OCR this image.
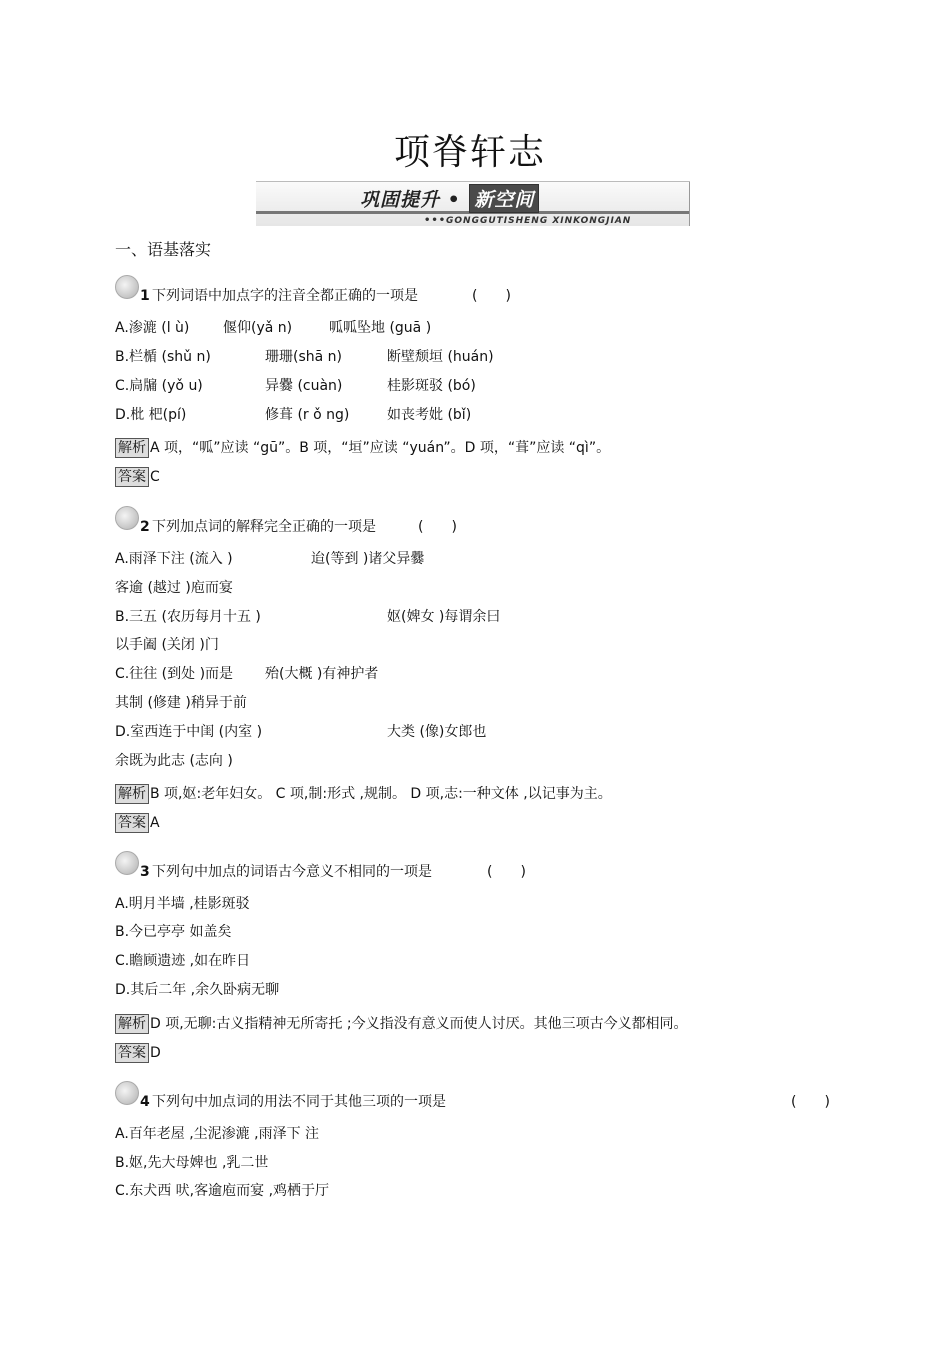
项脊轩志
巩固提升 • 新空间
••• GONGGUTISHENG XINKONGJIAN
一、语基落实
1 下列词语中加点字的注音全都正确的一项是	(　　)
A.渗漉 (l ù) 偃仰(yǎ n)	呱呱坠地 (guā )
B.栏楯 (shǔ n)	珊珊(shā n)	断壁颓垣 (huán)
C.扃牖 (yǒ u)	异爨 (cuàn)	桂影斑驳 (bó)
D.枇 杷(pí)	修葺 (r ǒ ng)	如丧考妣 (bǐ)
解析 A 项，“呱”应读 “gū”。B 项，“垣”应读 “yuán”。D 项，“葺”应读 “qì”。
答案 C
2 下列加点词的解释完全正确的一项是	(　　)
A.雨泽下注 (流入 )	迨(等到 )诸父异爨
客逾 (越过 )庖而宴
B.三五 (农历每月十五 )	妪(婢女 )每谓余曰
以手阖 (关闭 )门
C.往往 (到处 )而是 殆(大概 )有神护者
其制 (修建 )稍异于前
D.室西连于中闺 (内室 )	大类 (像)女郎也
余既为此志 (志向 )
解析 B 项,妪:老年妇女。 C 项,制:形式 ,规制。 D 项,志:一种文体 ,以记事为主。
答案 A
3 下列句中加点的词语古今意义不相同的一项是	(　　)
A.明月半墙 ,桂影斑驳
B.今已亭亭 如盖矣
C.瞻顾遗迹 ,如在昨日
D.其后二年 ,余久卧病无聊
解析 D 项,无聊:古义指精神无所寄托 ;今义指没有意义而使人讨厌。其他三项古今义都相同。
答案 D
4 下列句中加点词的用法不同于其他三项的一项是	(　　)
A.百年老屋 ,尘泥渗漉 ,雨泽下 注
B.妪,先大母婢也 ,乳二世
C.东犬西 吠,客逾庖而宴 ,鸡栖于厅
